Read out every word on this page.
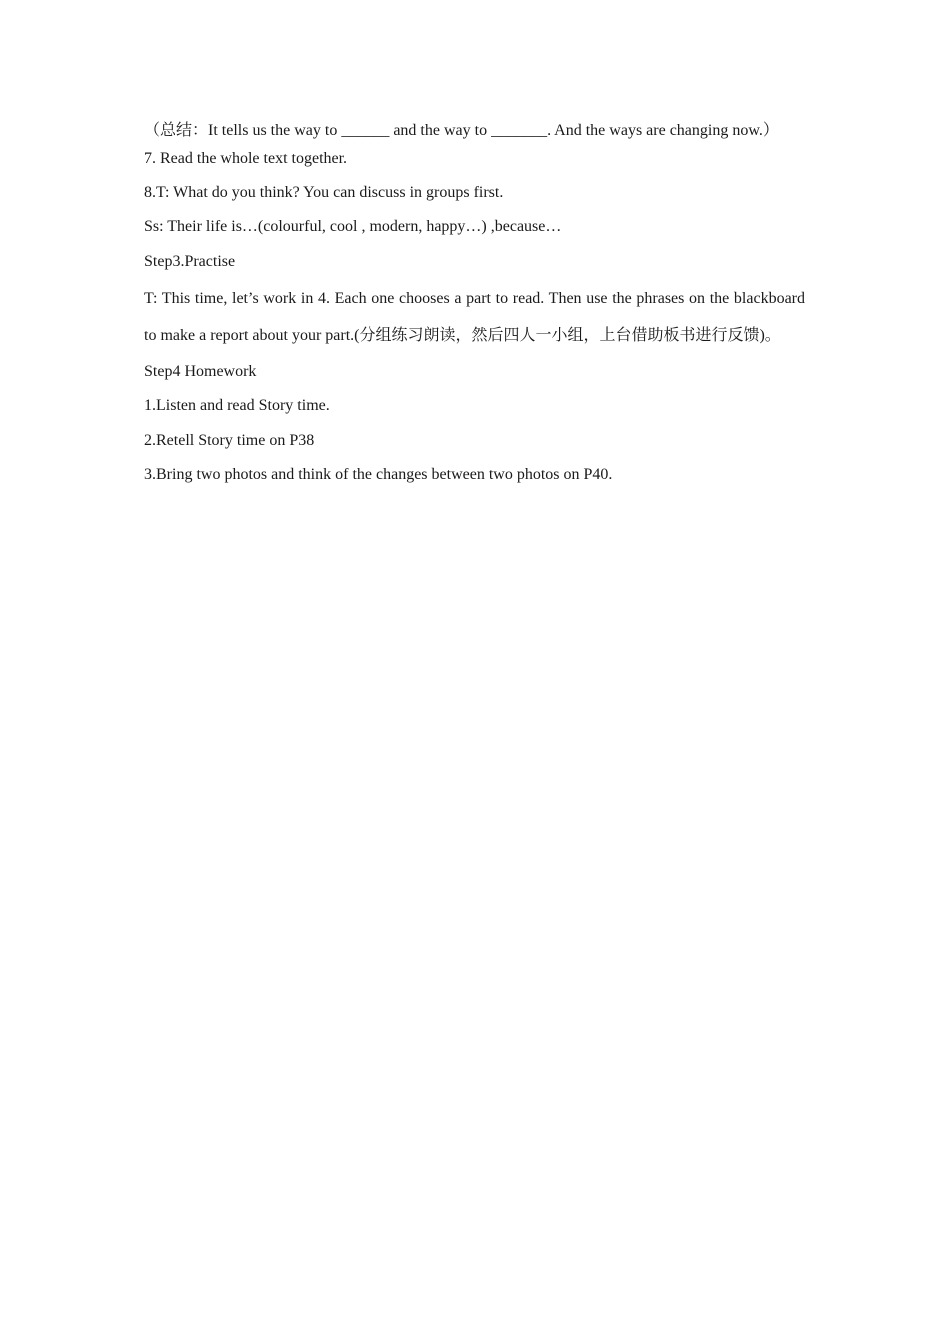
（总结：It tells us the way to ______ and the way to _______. And the ways are changing now.）

7. Read the whole text together.

8.T: What do you think? You can discuss in groups first.

Ss: Their life is…(colourful, cool , modern, happy…) ,because…

Step3.Practise

T: This time, let’s work in 4. Each one chooses a part to read. Then use the phrases on the blackboard to make a report about your part.(分组练习朗读，然后四人一小组，上台借助板书进行反馈)。

Step4 Homework

1.Listen and read Story time.

2.Retell Story time on P38

3.Bring two photos and think of the changes between two photos on P40.
